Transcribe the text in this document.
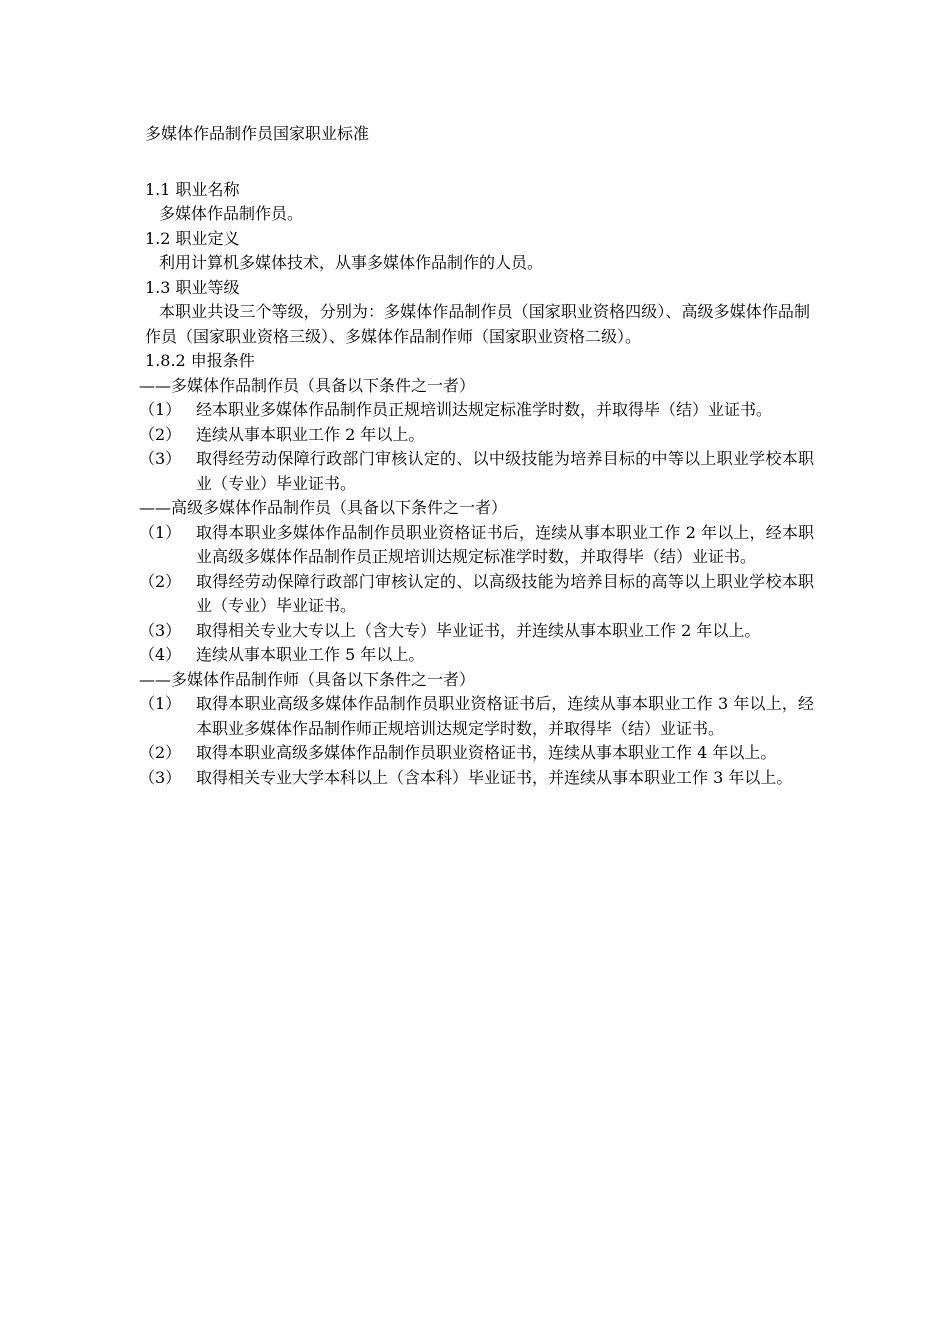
多媒体作品制作员国家职业标准

1.1 职业名称

多媒体作品制作员。

1.2 职业定义

利用计算机多媒体技术，从事多媒体作品制作的人员。

1.3 职业等级

本职业共设三个等级，分别为：多媒体作品制作员（国家职业资格四级）、高级多媒体作品制作员（国家职业资格三级）、多媒体作品制作师（国家职业资格二级）。

1.8.2 申报条件

——多媒体作品制作员（具备以下条件之一者）

（1） 经本职业多媒体作品制作员正规培训达规定标准学时数，并取得毕（结）业证书。
（2） 连续从事本职业工作 2 年以上。
（3） 取得经劳动保障行政部门审核认定的、以中级技能为培养目标的中等以上职业学校本职业（专业）毕业证书。

——高级多媒体作品制作员（具备以下条件之一者）

（1） 取得本职业多媒体作品制作员职业资格证书后，连续从事本职业工作 2 年以上，经本职业高级多媒体作品制作员正规培训达规定标准学时数，并取得毕（结）业证书。
（2） 取得经劳动保障行政部门审核认定的、以高级技能为培养目标的高等以上职业学校本职业（专业）毕业证书。
（3） 取得相关专业大专以上（含大专）毕业证书，并连续从事本职业工作 2 年以上。
（4） 连续从事本职业工作 5 年以上。

——多媒体作品制作师（具备以下条件之一者）

（1） 取得本职业高级多媒体作品制作员职业资格证书后，连续从事本职业工作 3 年以上，经本职业多媒体作品制作师正规培训达规定学时数，并取得毕（结）业证书。
（2） 取得本职业高级多媒体作品制作员职业资格证书，连续从事本职业工作 4 年以上。
（3） 取得相关专业大学本科以上（含本科）毕业证书，并连续从事本职业工作 3 年以上。
